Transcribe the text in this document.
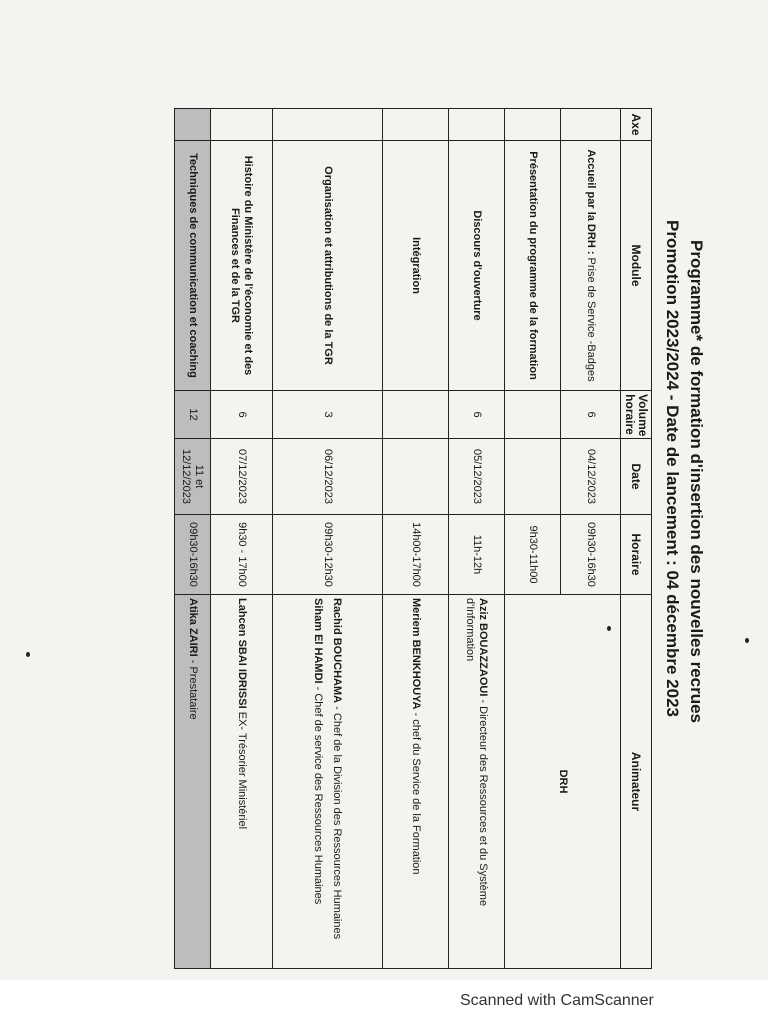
Programme* de formation d'insertion des nouvelles recrues
Promotion 2023/2024 - Date de lancement : 04 décembre 2023
Axe	Module	Volume horaire	Date	Horaire	Animateur
	Accueil par la DRH : Prise de Service -Badges	6	04/12/2023	09h30-16h30	DRH

	Présentation du programme de la formation			9h30-11h00	
	Discours d'ouverture	6	05/12/2023	11h-12h	Aziz BOUAZZAOUI - Directeur des Ressources et du Système d'Information
	Intégration			14h00-17h00	Meriem BENKHOUYA - chef du Service de la Formation
	Organisation et attributions de la TGR	3	06/12/2023	09h30-12h30	Rachid BOUCHAMA - Chef de la Division des Ressources Humaines
Siham El HAMDI - Chef de service des Ressources Humaines

	Histoire du Ministère de l'économie et des Finances et de la TGR	6	07/12/2023	9h30 - 17h00	Lahcen SBAI IDRISSI EX- Trésorier Ministériel
	Techniques de communication et coaching	12	11 et 12/12/2023	09h30-16h30	Atika ZAIRI - Prestataire
Scanned with CamScanner
